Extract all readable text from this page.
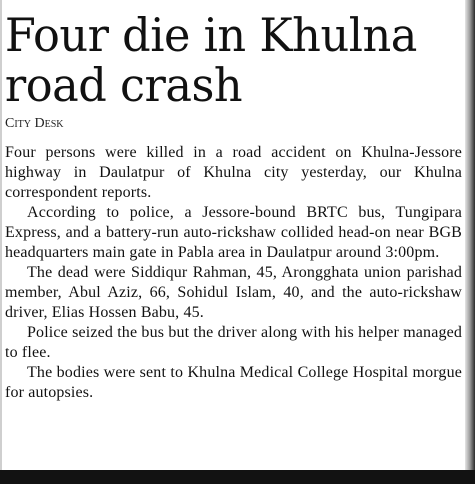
Four die in Khulna
road crash
City Desk

Four persons were killed in a road accident on Khulna-Jessore highway in Daulatpur of Khulna city yesterday, our Khulna correspondent reports.

According to police, a Jessore-bound BRTC bus, Tungipara Express, and a battery-run auto-rickshaw collided head-on near BGB headquarters main gate in Pabla area in Daulatpur around 3:00pm.

The dead were Siddiqur Rahman, 45, Arongghata union parishad member, Abul Aziz, 66, Sohidul Islam, 40, and the auto-rickshaw driver, Elias Hossen Babu, 45.

Police seized the bus but the driver along with his helper managed to flee.

The bodies were sent to Khulna Medical College Hospital morgue for autopsies.
